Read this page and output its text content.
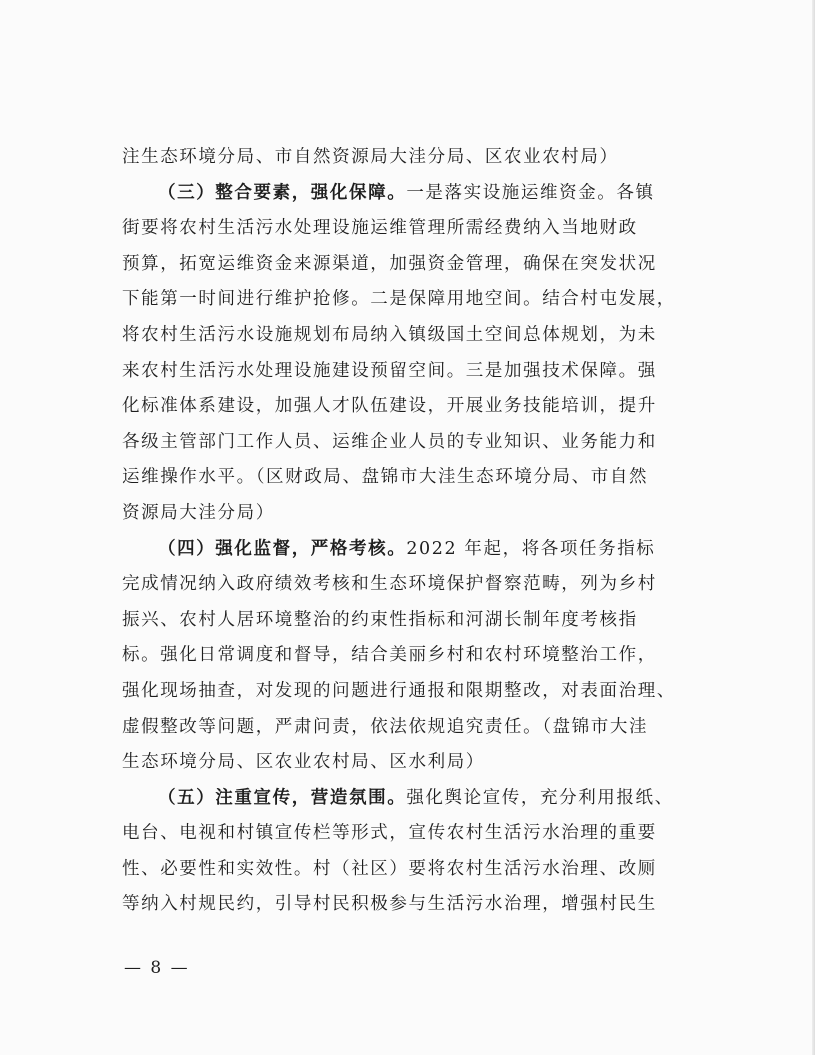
注生态环境分局、市自然资源局大洼分局、区农业农村局）
（三）整合要素，强化保障。一是落实设施运维资金。各镇
街要将农村生活污水处理设施运维管理所需经费纳入当地财政
预算，拓宽运维资金来源渠道，加强资金管理，确保在突发状况
下能第一时间进行维护抢修。二是保障用地空间。结合村屯发展，
将农村生活污水设施规划布局纳入镇级国土空间总体规划，为未
来农村生活污水处理设施建设预留空间。三是加强技术保障。强
化标准体系建设，加强人才队伍建设，开展业务技能培训，提升
各级主管部门工作人员、运维企业人员的专业知识、业务能力和
运维操作水平。（区财政局、盘锦市大洼生态环境分局、市自然
资源局大洼分局）
（四）强化监督，严格考核。2022 年起，将各项任务指标
完成情况纳入政府绩效考核和生态环境保护督察范畴，列为乡村
振兴、农村人居环境整治的约束性指标和河湖长制年度考核指
标。强化日常调度和督导，结合美丽乡村和农村环境整治工作，
强化现场抽查，对发现的问题进行通报和限期整改，对表面治理、
虚假整改等问题，严肃问责，依法依规追究责任。（盘锦市大洼
生态环境分局、区农业农村局、区水利局）
（五）注重宣传，营造氛围。强化舆论宣传，充分利用报纸、
电台、电视和村镇宣传栏等形式，宣传农村生活污水治理的重要
性、必要性和实效性。村（社区）要将农村生活污水治理、改厕
等纳入村规民约，引导村民积极参与生活污水治理，增强村民生
— 8 —
